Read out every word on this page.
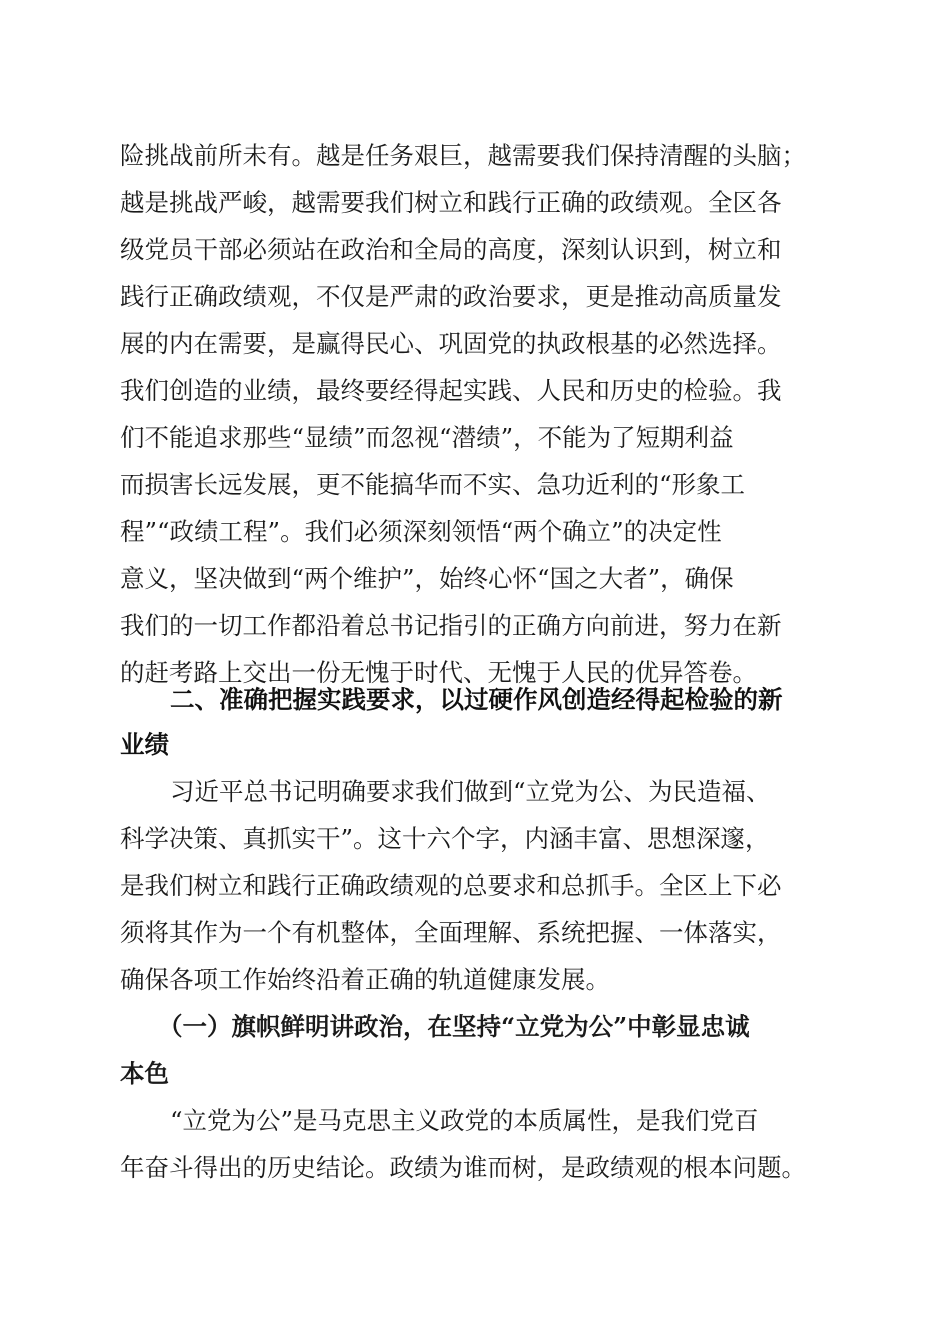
险挑战前所未有。越是任务艰巨，越需要我们保持清醒的头脑；
越是挑战严峻，越需要我们树立和践行正确的政绩观。全区各
级党员干部必须站在政治和全局的高度，深刻认识到，树立和
践行正确政绩观，不仅是严肃的政治要求，更是推动高质量发
展的内在需要，是赢得民心、巩固党的执政根基的必然选择。
我们创造的业绩，最终要经得起实践、人民和历史的检验。我
们不能追求那些“显绩”而忽视“潜绩”，不能为了短期利益
而损害长远发展，更不能搞华而不实、急功近利的“形象工
程”“政绩工程”。我们必须深刻领悟“两个确立”的决定性
意义，坚决做到“两个维护”，始终心怀“国之大者”，确保
我们的一切工作都沿着总书记指引的正确方向前进，努力在新
的赶考路上交出一份无愧于时代、无愧于人民的优异答卷。
二、准确把握实践要求，以过硬作风创造经得起检验的新
业绩
习近平总书记明确要求我们做到“立党为公、为民造福、
科学决策、真抓实干”。这十六个字，内涵丰富、思想深邃，
是我们树立和践行正确政绩观的总要求和总抓手。全区上下必
须将其作为一个有机整体，全面理解、系统把握、一体落实，
确保各项工作始终沿着正确的轨道健康发展。
（一）旗帜鲜明讲政治，在坚持“立党为公”中彰显忠诚
本色
“立党为公”是马克思主义政党的本质属性，是我们党百
年奋斗得出的历史结论。政绩为谁而树，是政绩观的根本问题。
